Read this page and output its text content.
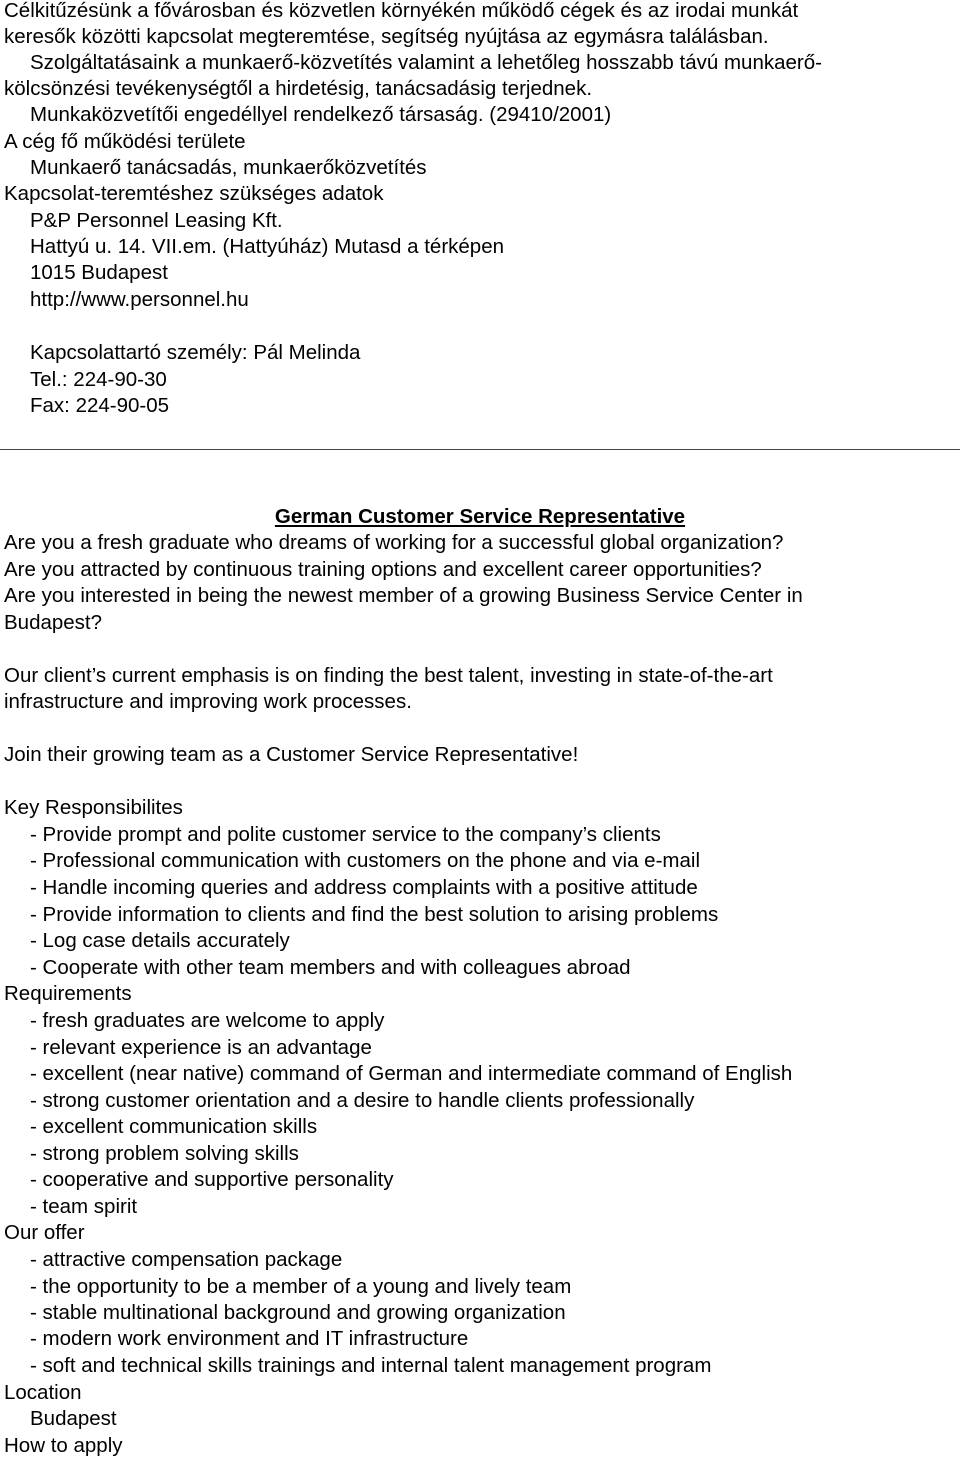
Célkitűzésünk a fővárosban és közvetlen környékén működő cégek és az irodai munkát
keresők közötti kapcsolat megteremtése, segítség nyújtása az egymásra találásban.
Szolgáltatásaink a munkaerő-közvetítés valamint a lehetőleg hosszabb távú munkaerő-
kölcsönzési tevékenységtől a hirdetésig, tanácsadásig terjednek.
Munkaközvetítői engedéllyel rendelkező társaság. (29410/2001)
A cég fő működési területe
Munkaerő tanácsadás, munkaerőközvetítés
Kapcsolat-teremtéshez szükséges adatok
P&P Personnel Leasing Kft.
Hattyú u. 14. VII.em. (Hattyúház) Mutasd a térképen
1015 Budapest
http://www.personnel.hu
Kapcsolattartó személy: Pál Melinda
Tel.: 224-90-30
Fax: 224-90-05
German Customer Service Representative
Are you a fresh graduate who dreams of working for a successful global organization?
Are you attracted by continuous training options and excellent career opportunities?
Are you interested in being the newest member of a growing Business Service Center in
Budapest?
Our client’s current emphasis is on finding the best talent, investing in state-of-the-art
infrastructure and improving work processes.
Join their growing team as a Customer Service Representative!
Key Responsibilites
- Provide prompt and polite customer service to the company’s clients
- Professional communication with customers on the phone and via e-mail
- Handle incoming queries and address complaints with a positive attitude
- Provide information to clients and find the best solution to arising problems
- Log case details accurately
- Cooperate with other team members and with colleagues abroad
Requirements
- fresh graduates are welcome to apply
- relevant experience is an advantage
- excellent (near native) command of German and intermediate command of English
- strong customer orientation and a desire to handle clients professionally
- excellent communication skills
- strong problem solving skills
- cooperative and supportive personality
- team spirit
Our offer
- attractive compensation package
- the opportunity to be a member of a young and lively team
- stable multinational background and growing organization
- modern work environment and IT infrastructure
- soft and technical skills trainings and internal talent management program
Location
Budapest
How to apply
